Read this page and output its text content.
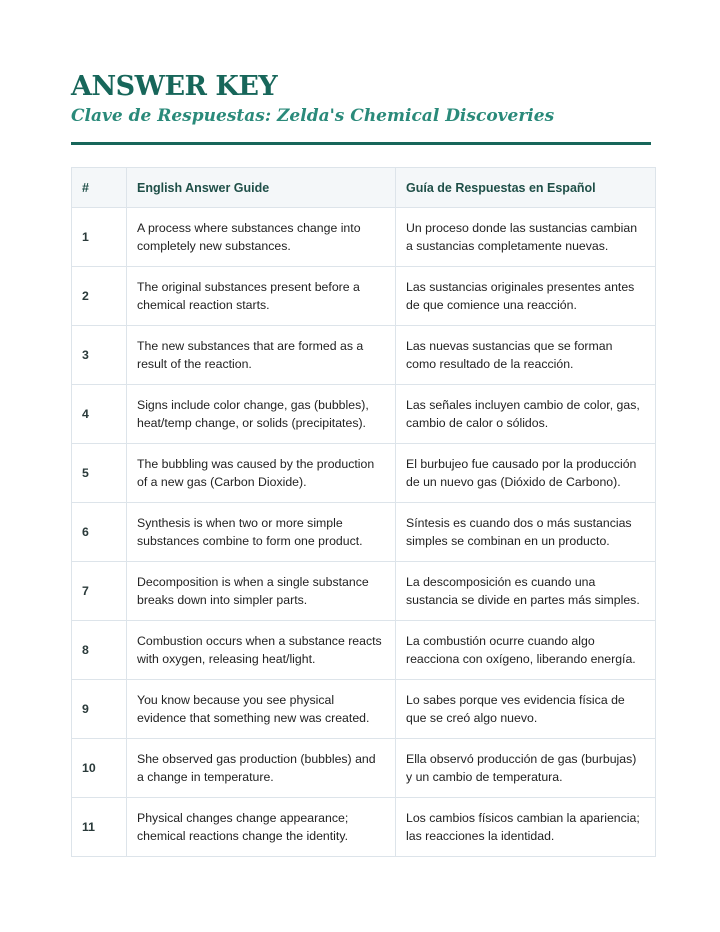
ANSWER KEY
Clave de Respuestas: Zelda's Chemical Discoveries
#	English Answer Guide	Guía de Respuestas en Español
1	A process where substances change into completely new substances.	Un proceso donde las sustancias cambian a sustancias completamente nuevas.
2	The original substances present before a chemical reaction starts.	Las sustancias originales presentes antes de que comience una reacción.
3	The new substances that are formed as a result of the reaction.	Las nuevas sustancias que se forman como resultado de la reacción.
4	Signs include color change, gas (bubbles), heat/temp change, or solids (precipitates).	Las señales incluyen cambio de color, gas, cambio de calor o sólidos.
5	The bubbling was caused by the production of a new gas (Carbon Dioxide).	El burbujeo fue causado por la producción de un nuevo gas (Dióxido de Carbono).
6	Synthesis is when two or more simple substances combine to form one product.	Síntesis es cuando dos o más sustancias simples se combinan en un producto.
7	Decomposition is when a single substance breaks down into simpler parts.	La descomposición es cuando una sustancia se divide en partes más simples.
8	Combustion occurs when a substance reacts with oxygen, releasing heat/light.	La combustión ocurre cuando algo reacciona con oxígeno, liberando energía.
9	You know because you see physical evidence that something new was created.	Lo sabes porque ves evidencia física de que se creó algo nuevo.
10	She observed gas production (bubbles) and a change in temperature.	Ella observó producción de gas (burbujas) y un cambio de temperatura.
11	Physical changes change appearance; chemical reactions change the identity.	Los cambios físicos cambian la apariencia; las reacciones la identidad.
